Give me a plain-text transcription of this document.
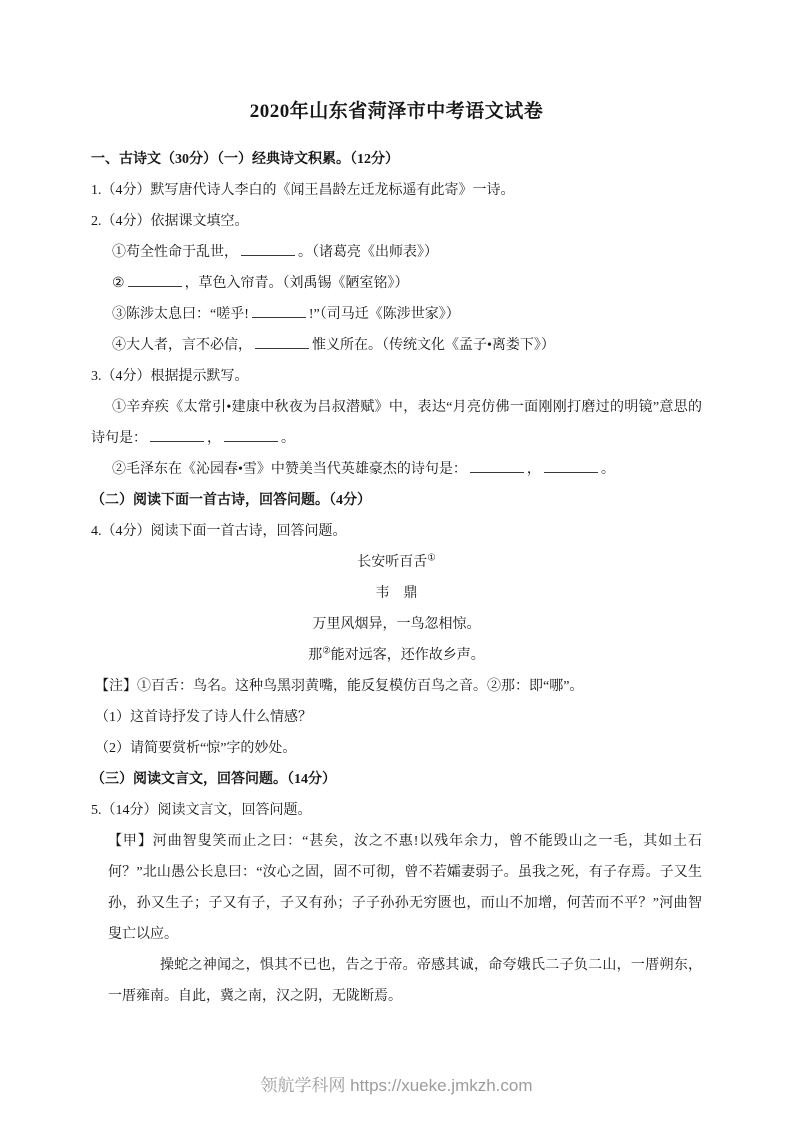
2020年山东省菏泽市中考语文试卷
一、古诗文（30分）（一）经典诗文积累。（12分）
1.（4分）默写唐代诗人李白的《闻王昌龄左迁龙标遥有此寄》一诗。
2.（4分）依据课文填空。
①苟全性命于乱世，	。（诸葛亮《出师表》）
②	，草色入帘青。（刘禹锡《陋室铭》）
③陈涉太息曰：“嗟乎!	!”（司马迁《陈涉世家》）
④大人者，言不必信，	惟义所在。（传统文化《孟子•离娄下》）
3.（4分）根据提示默写。
①辛弃疾《太常引•建康中秋夜为吕叔潜赋》中，表达“月亮仿佛一面刚刚打磨过的明镜”意思的诗句是：	，	。
②毛泽东在《沁园春•雪》中赞美当代英雄豪杰的诗句是：	，	。
（二）阅读下面一首古诗，回答问题。（4分）
4.（4分）阅读下面一首古诗，回答问题。
长安听百舌①
韦　鼎
万里风烟异，一鸟忽相惊。
那②能对远客，还作故乡声。
【注】①百舌：鸟名。这种鸟黑羽黄嘴，能反复模仿百鸟之音。②那：即“哪”。
（1）这首诗抒发了诗人什么情感？
（2）请简要赏析“惊”字的妙处。
（三）阅读文言文，回答问题。（14分）
5.（14分）阅读文言文，回答问题。
【甲】河曲智叟笑而止之曰：“甚矣，汝之不惠!以残年余力，曾不能毁山之一毛，其如土石何？”北山愚公长息曰：“汝心之固，固不可彻，曾不若孀妻弱子。虽我之死，有子存焉。子又生孙，孙又生子；子又有子，子又有孙；子子孙孙无穷匮也，而山不加增，何苦而不平？”河曲智叟亡以应。
操蛇之神闻之，惧其不已也，告之于帝。帝感其诚，命夸娥氏二子负二山，一厝朔东，一厝雍南。自此，冀之南，汉之阴，无陇断焉。
领航学科网 https://xueke.jmkzh.com
